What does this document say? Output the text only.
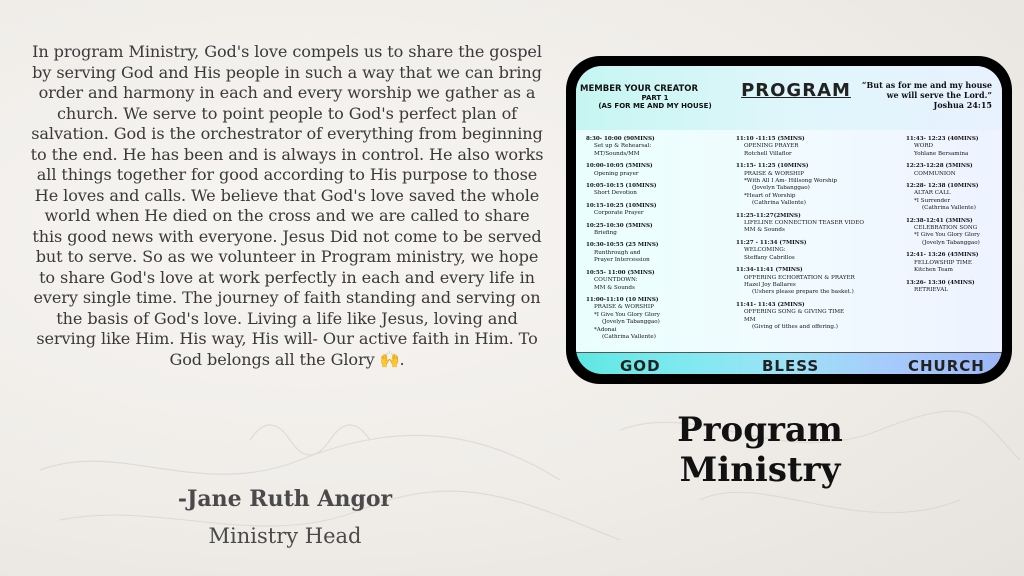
In program Ministry, God's love compels us to share the gospel by serving God and His people in such a way that we can bring order and harmony in each and every worship we gather as a church. We serve to point people to God's perfect plan of salvation. God is the orchestrator of everything from beginning to the end. He has been and is always in control. He also works all things together for good according to His purpose to those He loves and calls. We believe that God's love saved the whole world when He died on the cross and we are called to share this good news with everyone. Jesus Did not come to be served but to serve. So as we volunteer in Program ministry, we hope to share God's love at work perfectly in each and every life in every single time. The journey of faith standing and serving on the basis of God's love. Living a life like Jesus, loving and serving like Him. His way, His will- Our active faith in Him. To God belongs all the Glory 🙌.
-Jane Ruth Angor
Ministry Head
MEMBER YOUR CREATOR
PART 1
(AS FOR ME AND MY HOUSE)
PROGRAM	“But as for me and my house
we will serve the Lord.”
Joshua 24:15
8:30- 10:00 (90MINS)
Set up & Rehearsal:
MT/Sounds/MM
10:00-10:05 (5MINS)
Opening prayer
10:05-10:15 (10MINS)
Short Devotion
10:15-10:25 (10MINS)
Corporate Prayer
10:25-10:30 (5MINS)
Briefing
10:30-10:55 (25 MINS)
Runthrough and
Prayer Intercession
10:55- 11:00 (5MINS)
COUNTDOWN:
MM & Sounds
11:00-11:10 (10 MINS)
PRAISE & WORSHIP
*I Give You Glory Glory
(Jovelyn Tabanggao)
*Adonai
(Cathrina Vallente)
11:10 -11:15 (5MINS)
OPENING PRAYER
Rotchell Villaflor
11:15- 11:25 (10MINS)
PRAISE & WORSHIP
*With All I Am- Hillsong Worship
(Jovelyn Tabanggao)
*Heart of Worship
(Cathrina Vallente)
11:25-11:27(2MINS)
LIFELINE CONNECTION TEASER VIDEO
MM & Sounds
11:27 - 11:34 (7MINS)
WELCOMING:
Steffany Cabrillos
11:34-11:41 (7MINS)
OFFERING ECHORTATION & PRAYER
Hazel Joy Ballares
(Ushers please prepare the basket.)
11:41- 11:43 (2MINS)
OFFERING SONG & GIVING TIME
MM
(Giving of tithes and offering.)
11:43- 12:23 (40MINS)
WORD
Yohlane Bersamina
12:23-12:28 (5MINS)
COMMUNION
12:28- 12:38 (10MINS)
ALTAR CALL
*I Surrender
(Cathrina Vallente)
12:38-12:41 (3MINS)
CELEBRATION SONG
*I Give You Glory Glory
(Jovelyn Tabanggao)
12:41- 13:26 (45MINS)
FELLOWSHIP TIME
Kitchen Team
13:26- 13:30 (4MINS)
RETRIEVAL
GOD	BLESS	CHURCH
Program
Ministry
